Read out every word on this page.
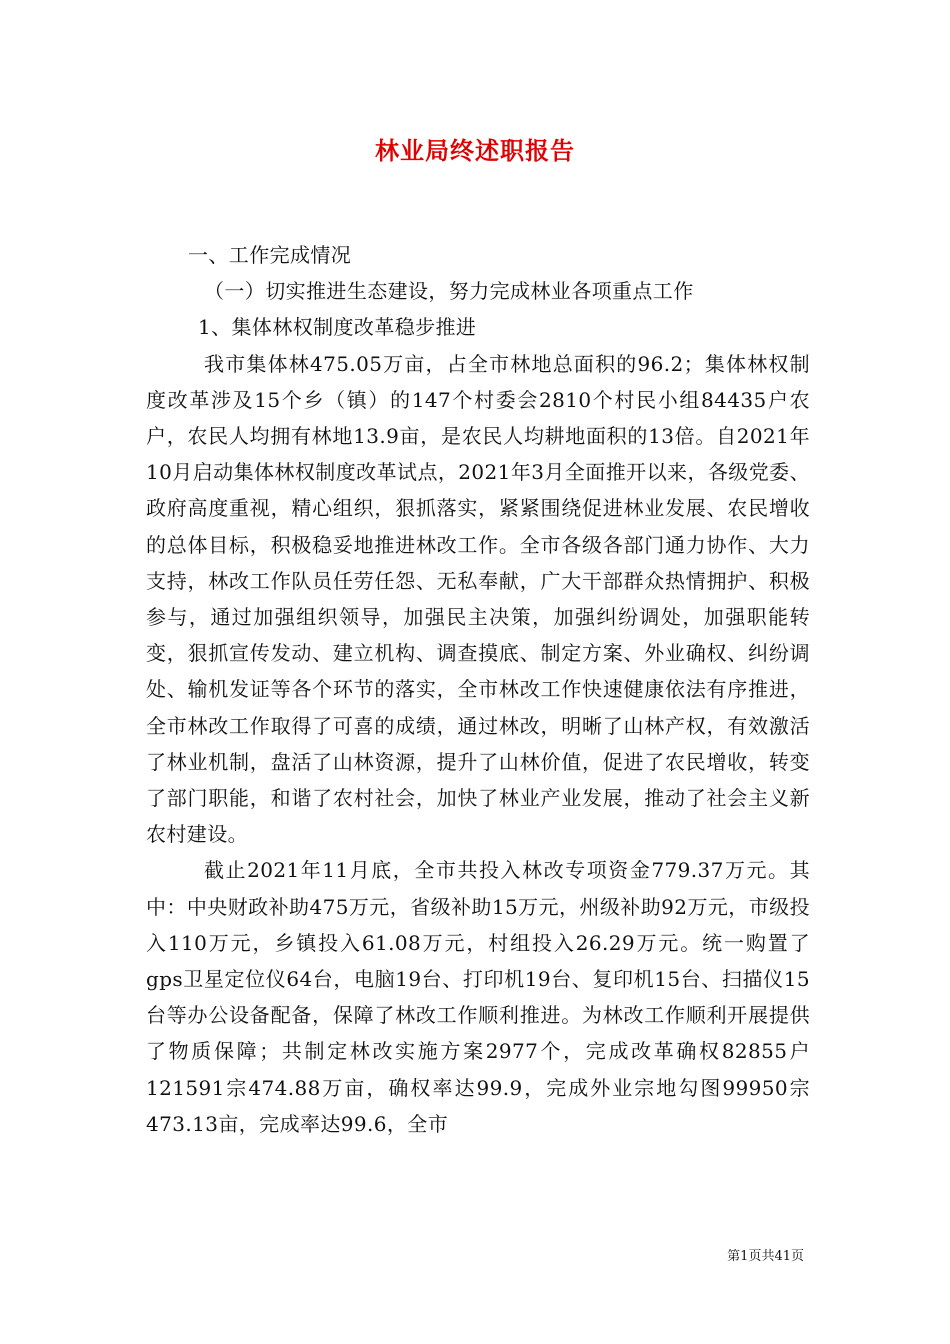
林业局终述职报告

一、工作完成情况

（一）切实推进生态建设，努力完成林业各项重点工作

1、集体林权制度改革稳步推进

我市集体林475.05万亩，占全市林地总面积的96.2；集体林权制度改革涉及15个乡（镇）的147个村委会2810个村民小组84435户农户，农民人均拥有林地13.9亩，是农民人均耕地面积的13倍。自2021年10月启动集体林权制度改革试点，2021年3月全面推开以来，各级党委、政府高度重视，精心组织，狠抓落实，紧紧围绕促进林业发展、农民增收的总体目标，积极稳妥地推进林改工作。全市各级各部门通力协作、大力支持，林改工作队员任劳任怨、无私奉献，广大干部群众热情拥护、积极参与，通过加强组织领导，加强民主决策，加强纠纷调处，加强职能转变，狠抓宣传发动、建立机构、调查摸底、制定方案、外业确权、纠纷调处、输机发证等各个环节的落实，全市林改工作快速健康依法有序推进，全市林改工作取得了可喜的成绩，通过林改，明晰了山林产权，有效激活了林业机制，盘活了山林资源，提升了山林价值，促进了农民增收，转变了部门职能，和谐了农村社会，加快了林业产业发展，推动了社会主义新农村建设。

截止2021年11月底，全市共投入林改专项资金779.37万元。其中：中央财政补助475万元，省级补助15万元，州级补助92万元，市级投入110万元，乡镇投入61.08万元，村组投入26.29万元。统一购置了gps卫星定位仪64台，电脑19台、打印机19台、复印机15台、扫描仪15台等办公设备配备，保障了林改工作顺利推进。为林改工作顺利开展提供了物质保障；共制定林改实施方案2977个，完成改革确权82855户121591宗474.88万亩，确权率达99.9，完成外业宗地勾图99950宗473.13亩，完成率达99.6，全市

第1页共41页
